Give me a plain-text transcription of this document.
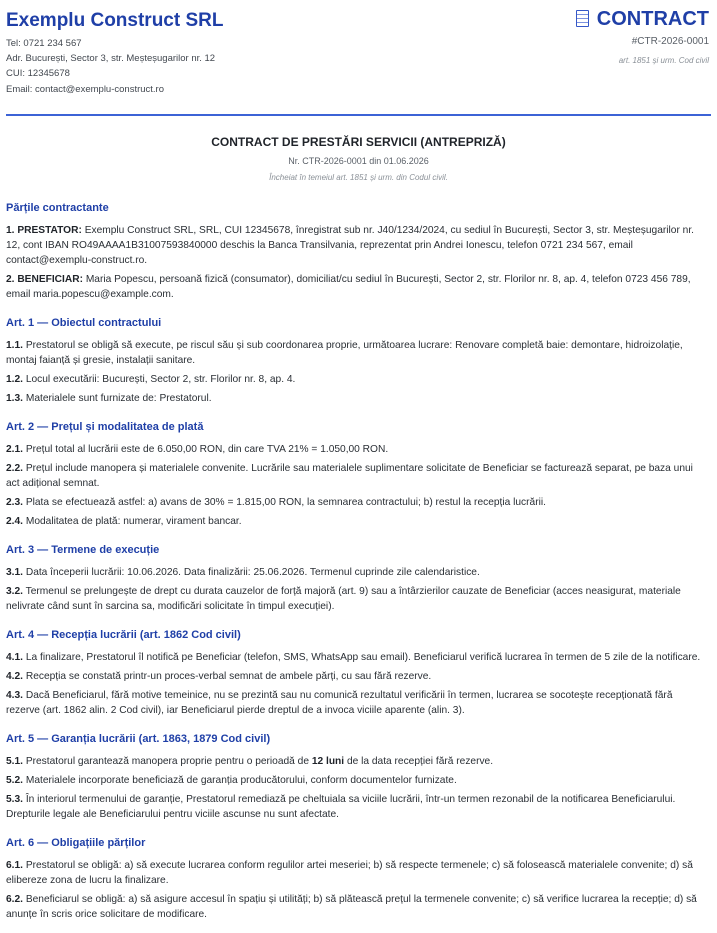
Exemplu Construct SRL
Tel: 0721 234 567
Adr. București, Sector 3, str. Meșteșugarilor nr. 12
CUI: 12345678
Email: contact@exemplu-construct.ro
CONTRACT
#CTR-2026-0001
art. 1851 și urm. Cod civil
CONTRACT DE PRESTĂRI SERVICII (ANTREPRIZĂ)
Nr. CTR-2026-0001 din 01.06.2026
Încheiat în temeiul art. 1851 și urm. din Codul civil.
Părțile contractante

1. PRESTATOR: Exemplu Construct SRL, SRL, CUI 12345678, înregistrat sub nr. J40/1234/2024, cu sediul în București, Sector 3, str. Meșteșugarilor nr. 12, cont IBAN RO49AAAA1B31007593840000 deschis la Banca Transilvania, reprezentat prin Andrei Ionescu, telefon 0721 234 567, email contact@exemplu-construct.ro.

2. BENEFICIAR: Maria Popescu, persoană fizică (consumator), domiciliat/cu sediul în București, Sector 2, str. Florilor nr. 8, ap. 4, telefon 0723 456 789, email maria.popescu@example.com.

Art. 1 — Obiectul contractului

1.1. Prestatorul se obligă să execute, pe riscul său și sub coordonarea proprie, următoarea lucrare: Renovare completă baie: demontare, hidroizolație, montaj faianță și gresie, instalații sanitare.

1.2. Locul executării: București, Sector 2, str. Florilor nr. 8, ap. 4.

1.3. Materialele sunt furnizate de: Prestatorul.

Art. 2 — Prețul și modalitatea de plată

2.1. Prețul total al lucrării este de 6.050,00 RON, din care TVA 21% = 1.050,00 RON.

2.2. Prețul include manopera și materialele convenite. Lucrările sau materialele suplimentare solicitate de Beneficiar se facturează separat, pe baza unui act adițional semnat.

2.3. Plata se efectuează astfel: a) avans de 30% = 1.815,00 RON, la semnarea contractului; b) restul la recepția lucrării.

2.4. Modalitatea de plată: numerar, virament bancar.

Art. 3 — Termene de execuție

3.1. Data începerii lucrării: 10.06.2026. Data finalizării: 25.06.2026. Termenul cuprinde zile calendaristice.

3.2. Termenul se prelungește de drept cu durata cauzelor de forță majoră (art. 9) sau a întârzierilor cauzate de Beneficiar (acces neasigurat, materiale nelivrate când sunt în sarcina sa, modificări solicitate în timpul execuției).

Art. 4 — Recepția lucrării (art. 1862 Cod civil)

4.1. La finalizare, Prestatorul îl notifică pe Beneficiar (telefon, SMS, WhatsApp sau email). Beneficiarul verifică lucrarea în termen de 5 zile de la notificare.

4.2. Recepția se constată printr-un proces-verbal semnat de ambele părți, cu sau fără rezerve.

4.3. Dacă Beneficiarul, fără motive temeinice, nu se prezintă sau nu comunică rezultatul verificării în termen, lucrarea se socotește recepționată fără rezerve (art. 1862 alin. 2 Cod civil), iar Beneficiarul pierde dreptul de a invoca viciile aparente (alin. 3).

Art. 5 — Garanția lucrării (art. 1863, 1879 Cod civil)

5.1. Prestatorul garantează manopera proprie pentru o perioadă de 12 luni de la data recepției fără rezerve.

5.2. Materialele incorporate beneficiază de garanția producătorului, conform documentelor furnizate.

5.3. În interiorul termenului de garanție, Prestatorul remediază pe cheltuiala sa viciile lucrării, într-un termen rezonabil de la notificarea Beneficiarului. Drepturile legale ale Beneficiarului pentru viciile ascunse nu sunt afectate.

Art. 6 — Obligațiile părților

6.1. Prestatorul se obligă: a) să execute lucrarea conform regulilor artei meseriei; b) să respecte termenele; c) să folosească materialele convenite; d) să elibereze zona de lucru la finalizare.

6.2. Beneficiarul se obligă: a) să asigure accesul în spațiu și utilități; b) să plătească prețul la termenele convenite; c) să verifice lucrarea la recepție; d) să anunțe în scris orice solicitare de modificare.
